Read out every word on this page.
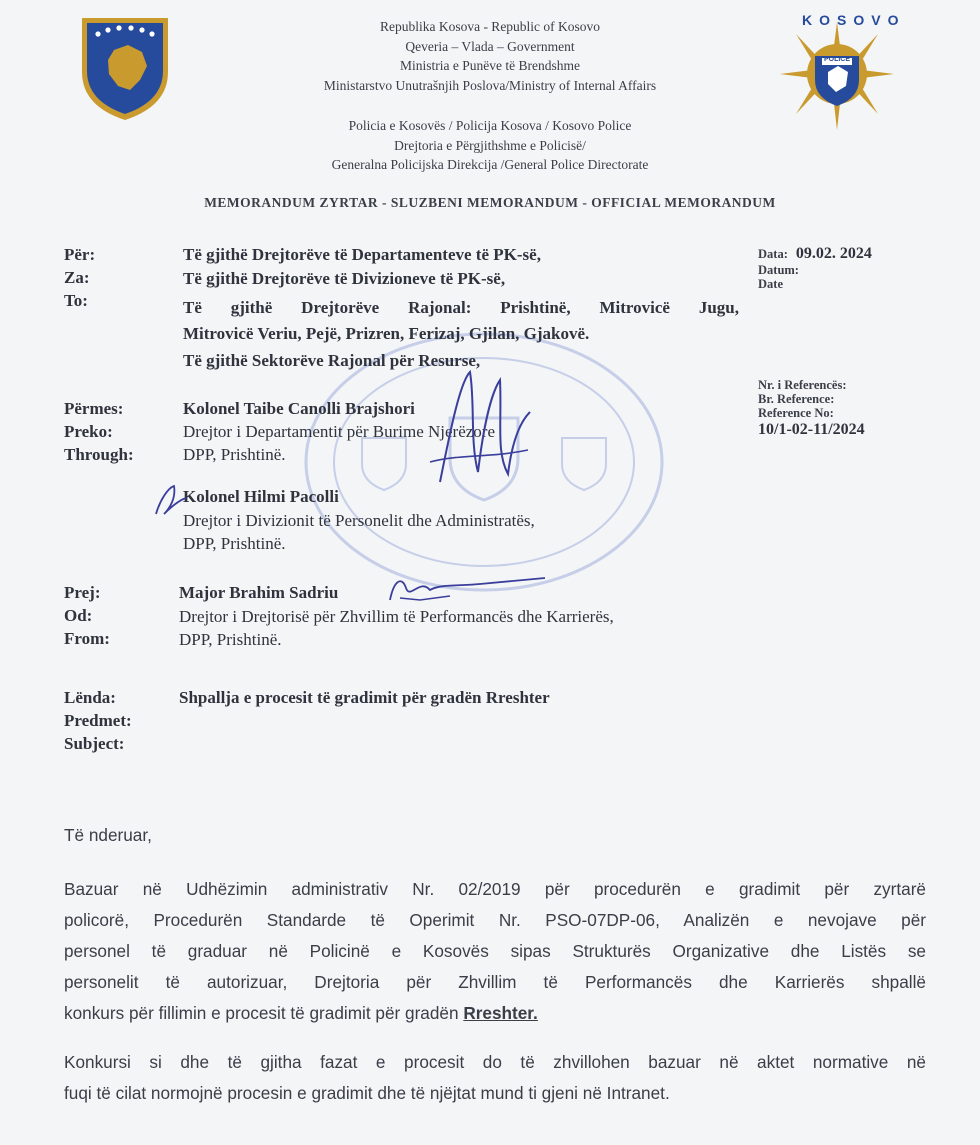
KOSOVO
POLICE
Republika Kosova - Republic of Kosovo
Qeveria – Vlada – Government
Ministria e Punëve të Brendshme
Ministarstvo Unutrašnjih Poslova/Ministry of Internal Affairs
Policia e Kosovës / Policija Kosova / Kosovo Police
Drejtoria e Përgjithshme e Policisë/
Generalna Policijska Direkcija /General Police Directorate
MEMORANDUM ZYRTAR - SLUZBENI MEMORANDUM - OFFICIAL MEMORANDUM
Për:
Za:
To:
Të gjithë Drejtorëve të Departamenteve të PK-së,
Të gjithë Drejtorëve të Divizioneve të PK-së,
Të gjithë Drejtorëve Rajonal: Prishtinë, Mitrovicë Jugu,
Mitrovicë Veriu, Pejë, Prizren, Ferizaj, Gjilan, Gjakovë.
Të gjithë Sektorëve Rajonal për Resurse,
Data: 09.02. 2024
Datum:
Date
Nr. i Referencës:
Br. Reference:
Reference No:
10/1-02-11/2024
Përmes:
Preko:
Through:
Kolonel Taibe Canolli Brajshori
Drejtor i Departamentit për Burime Njerëzore
DPP, Prishtinë.
Kolonel Hilmi Pacolli
Drejtor i Divizionit të Personelit dhe Administratës,
DPP, Prishtinë.
Prej:
Od:
From:
Major Brahim Sadriu
Drejtor i Drejtorisë për Zhvillim të Performancës dhe Karrierës,
DPP, Prishtinë.
Lënda:
Predmet:
Subject:
Shpallja e procesit të gradimit për gradën Rreshter
Të nderuar,
Bazuar në Udhëzimin administrativ Nr. 02/2019 për procedurën e gradimit për zyrtarë
policorë, Procedurën Standarde të Operimit Nr. PSO-07DP-06, Analizën e nevojave për
personel të graduar në Policinë e Kosovës sipas Strukturës Organizative dhe Listës se
personelit të autorizuar, Drejtoria për Zhvillim të Performancës dhe Karrierës shpallë
konkurs për fillimin e procesit të gradimit për gradën Rreshter.
Konkursi si dhe të gjitha fazat e procesit do të zhvillohen bazuar në aktet normative në
fuqi të cilat normojnë procesin e gradimit dhe të njëjtat mund ti gjeni në Intranet.
